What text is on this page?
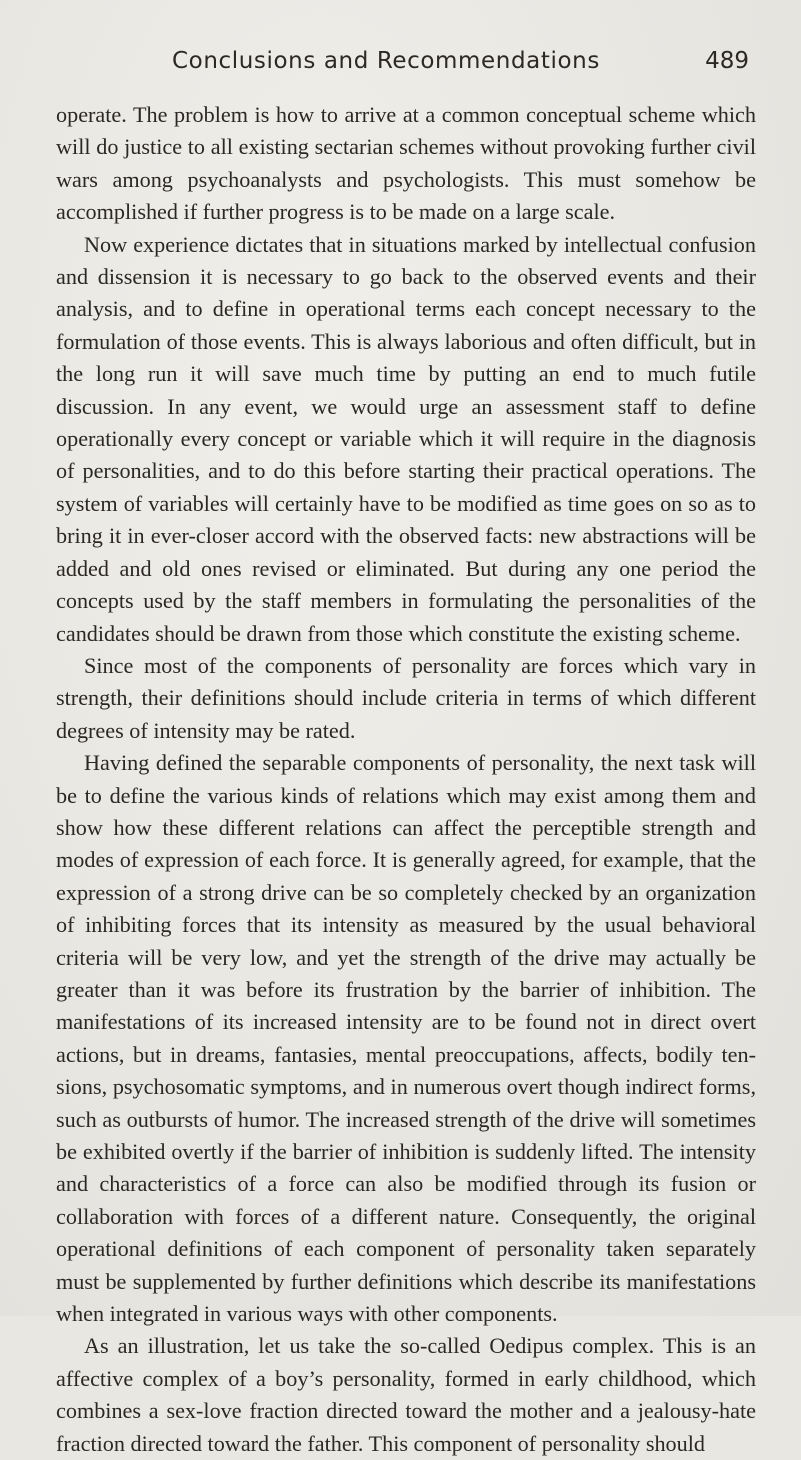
Conclusions and Recommendations	489

operate. The problem is how to arrive at a common conceptual scheme which will do justice to all existing sectarian schemes without provoking further civil wars among psychoanalysts and psychologists. This must somehow be accomplished if further progress is to be made on a large scale.

Now experience dictates that in situations marked by intellectual confusion and dissension it is necessary to go back to the observed events and their analysis, and to define in operational terms each concept necessary to the formulation of those events. This is always laborious and often difficult, but in the long run it will save much time by putting an end to much futile discussion. In any event, we would urge an assessment staff to define operationally every concept or variable which it will require in the diagnosis of personalities, and to do this before starting their practical operations. The system of variables will certainly have to be modified as time goes on so as to bring it in ever-closer accord with the observed facts: new abstractions will be added and old ones revised or eliminated. But during any one period the concepts used by the staff members in formulating the personalities of the candidates should be drawn from those which constitute the existing scheme.

Since most of the components of personality are forces which vary in strength, their definitions should include criteria in terms of which different degrees of intensity may be rated.

Having defined the separable components of personality, the next task will be to define the various kinds of relations which may exist among them and show how these different relations can affect the perceptible strength and modes of expression of each force. It is generally agreed, for example, that the expression of a strong drive can be so completely checked by an organization of inhibiting forces that its intensity as measured by the usual behavioral criteria will be very low, and yet the strength of the drive may actually be greater than it was before its frustration by the barrier of inhibition. The manifestations of its increased intensity are to be found not in direct overt actions, but in dreams, fantasies, mental preoccupations, affects, bodily tensions, psychosomatic symptoms, and in numerous overt though indirect forms, such as outbursts of humor. The increased strength of the drive will sometimes be exhibited overtly if the barrier of inhibition is suddenly lifted. The intensity and characteristics of a force can also be modified through its fusion or collaboration with forces of a different nature. Consequently, the original operational definitions of each component of personality taken separately must be supplemented by further definitions which describe its manifestations when integrated in various ways with other components.

As an illustration, let us take the so-called Oedipus complex. This is an affective complex of a boy’s personality, formed in early childhood, which combines a sex-love fraction directed toward the mother and a jealousy-hate fraction directed toward the father. This component of personality should
